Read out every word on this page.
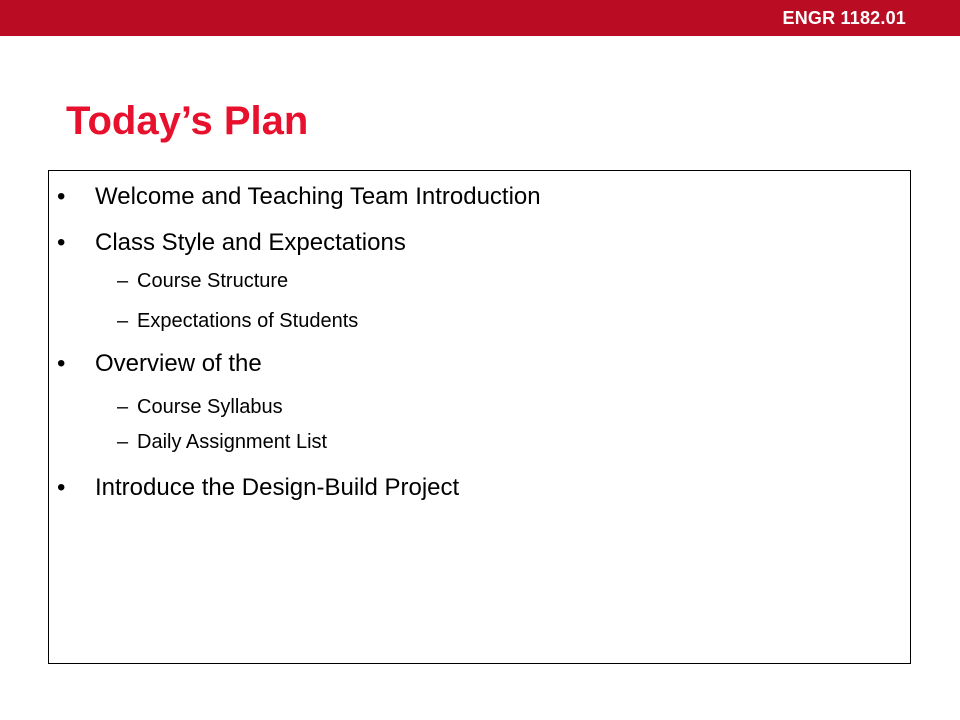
ENGR 1182.01
Today’s Plan
•	Welcome and Teaching Team Introduction
•	Class Style and Expectations
– Course Structure
– Expectations of Students
•	Overview of the
– Course Syllabus
– Daily Assignment List
•	Introduce the Design-Build Project
